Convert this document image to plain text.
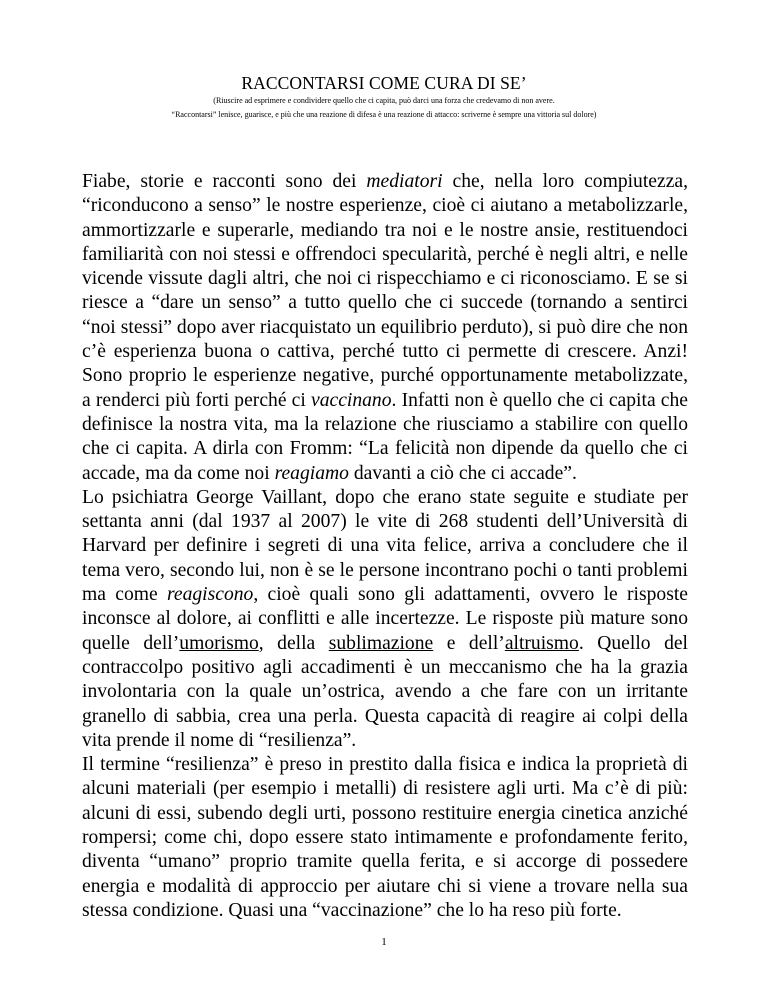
RACCONTARSI COME CURA DI SE’
(Riuscire ad esprimere e condividere quello che ci capita, può darci una forza che credevamo di non avere.
“Raccontarsi” lenisce, guarisce, e più che una reazione di difesa è una reazione di attacco: scriverne è sempre una vittoria sul dolore)

Fiabe, storie e racconti sono dei mediatori che, nella loro compiutezza, “riconducono a senso” le nostre esperienze, cioè ci aiutano a metabolizzarle, ammortizzarle e superarle, mediando tra noi e le nostre ansie, restituendoci familiarità con noi stessi e offrendoci specularità, perché è negli altri, e nelle vicende vissute dagli altri, che noi ci rispecchiamo e ci riconosciamo. E se si riesce a “dare un senso” a tutto quello che ci succede (tornando a sentirci “noi stessi” dopo aver riacquistato un equilibrio perduto), si può dire che non c’è esperienza buona o cattiva, perché tutto ci permette di crescere. Anzi! Sono proprio le esperienze negative, purché opportunamente metabolizzate, a renderci più forti perché ci vaccinano. Infatti non è quello che ci capita che definisce la nostra vita, ma la relazione che riusciamo a stabilire con quello che ci capita. A dirla con Fromm: “La felicità non dipende da quello che ci accade, ma da come noi reagiamo davanti a ciò che ci accade”.

Lo psichiatra George Vaillant, dopo che erano state seguite e studiate per settanta anni (dal 1937 al 2007) le vite di 268 studenti dell’Università di Harvard per definire i segreti di una vita felice, arriva a concludere che il tema vero, secondo lui, non è se le persone incontrano pochi o tanti problemi ma come reagiscono, cioè quali sono gli adattamenti, ovvero le risposte inconsce al dolore, ai conflitti e alle incertezze. Le risposte più mature sono quelle dell’umorismo, della sublimazione e dell’altruismo. Quello del contraccolpo positivo agli accadimenti è un meccanismo che ha la grazia involontaria con la quale un’ostrica, avendo a che fare con un irritante granello di sabbia, crea una perla. Questa capacità di reagire ai colpi della vita prende il nome di “resilienza”.

Il termine “resilienza” è preso in prestito dalla fisica e indica la proprietà di alcuni materiali (per esempio i metalli) di resistere agli urti. Ma c’è di più: alcuni di essi, subendo degli urti, possono restituire energia cinetica anziché rompersi; come chi, dopo essere stato intimamente e profondamente ferito, diventa “umano” proprio tramite quella ferita, e si accorge di possedere energia e modalità di approccio per aiutare chi si viene a trovare nella sua stessa condizione. Quasi una “vaccinazione” che lo ha reso più forte.

1
